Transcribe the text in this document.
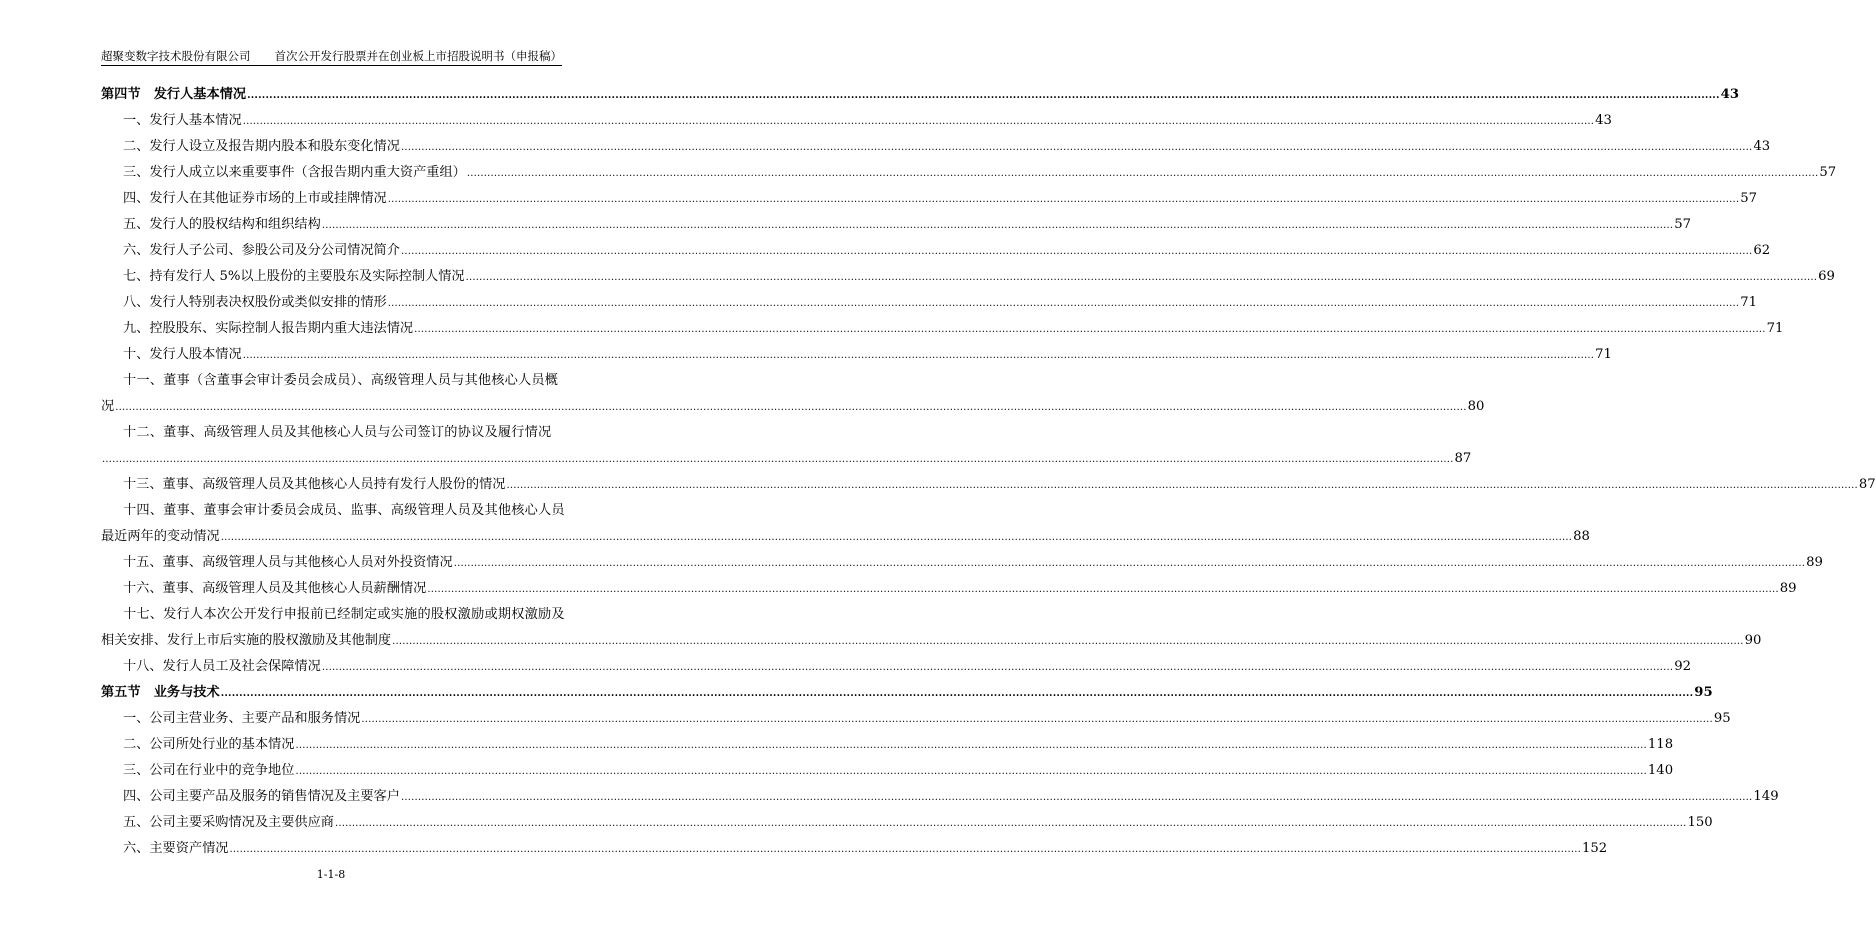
超聚变数字技术股份有限公司 首次公开发行股票并在创业板上市招股说明书（申报稿）
第四节　发行人基本情况 ................................................................................................................................................................................................................................................................................................................................................................................................................ 43
一、发行人基本情况 ................................................................................................................................................................................................................................................................................................................................................................................................................ 43
二、发行人设立及报告期内股本和股东变化情况 ................................................................................................................................................................................................................................................................................................................................................................................................................ 43
三、发行人成立以来重要事件（含报告期内重大资产重组） ................................................................................................................................................................................................................................................................................................................................................................................................................ 57
四、发行人在其他证券市场的上市或挂牌情况 ................................................................................................................................................................................................................................................................................................................................................................................................................ 57
五、发行人的股权结构和组织结构 ................................................................................................................................................................................................................................................................................................................................................................................................................ 57
六、发行人子公司、参股公司及分公司情况简介 ................................................................................................................................................................................................................................................................................................................................................................................................................ 62
七、持有发行人 5%以上股份的主要股东及实际控制人情况 ................................................................................................................................................................................................................................................................................................................................................................................................................ 69
八、发行人特别表决权股份或类似安排的情形 ................................................................................................................................................................................................................................................................................................................................................................................................................ 71
九、控股股东、实际控制人报告期内重大违法情况 ................................................................................................................................................................................................................................................................................................................................................................................................................ 71
十、发行人股本情况 ................................................................................................................................................................................................................................................................................................................................................................................................................ 71
十一、董事（含董事会审计委员会成员）、高级管理人员与其他核心人员概
况 ................................................................................................................................................................................................................................................................................................................................................................................................................ 80
十二、董事、高级管理人员及其他核心人员与公司签订的协议及履行情况
................................................................................................................................................................................................................................................................................................................................................................................................................ 87
十三、董事、高级管理人员及其他核心人员持有发行人股份的情况 ................................................................................................................................................................................................................................................................................................................................................................................................................ 87
十四、董事、董事会审计委员会成员、监事、高级管理人员及其他核心人员
最近两年的变动情况 ................................................................................................................................................................................................................................................................................................................................................................................................................ 88
十五、董事、高级管理人员与其他核心人员对外投资情况 ................................................................................................................................................................................................................................................................................................................................................................................................................ 89
十六、董事、高级管理人员及其他核心人员薪酬情况 ................................................................................................................................................................................................................................................................................................................................................................................................................ 89
十七、发行人本次公开发行申报前已经制定或实施的股权激励或期权激励及
相关安排、发行上市后实施的股权激励及其他制度 ................................................................................................................................................................................................................................................................................................................................................................................................................ 90
十八、发行人员工及社会保障情况 ................................................................................................................................................................................................................................................................................................................................................................................................................ 92
第五节　业务与技术 ................................................................................................................................................................................................................................................................................................................................................................................................................ 95
一、公司主营业务、主要产品和服务情况 ................................................................................................................................................................................................................................................................................................................................................................................................................ 95
二、公司所处行业的基本情况 ................................................................................................................................................................................................................................................................................................................................................................................................................ 118
三、公司在行业中的竞争地位 ................................................................................................................................................................................................................................................................................................................................................................................................................ 140
四、公司主要产品及服务的销售情况及主要客户 ................................................................................................................................................................................................................................................................................................................................................................................................................ 149
五、公司主要采购情况及主要供应商 ................................................................................................................................................................................................................................................................................................................................................................................................................ 150
六、主要资产情况 ................................................................................................................................................................................................................................................................................................................................................................................................................ 152
1-1-8
